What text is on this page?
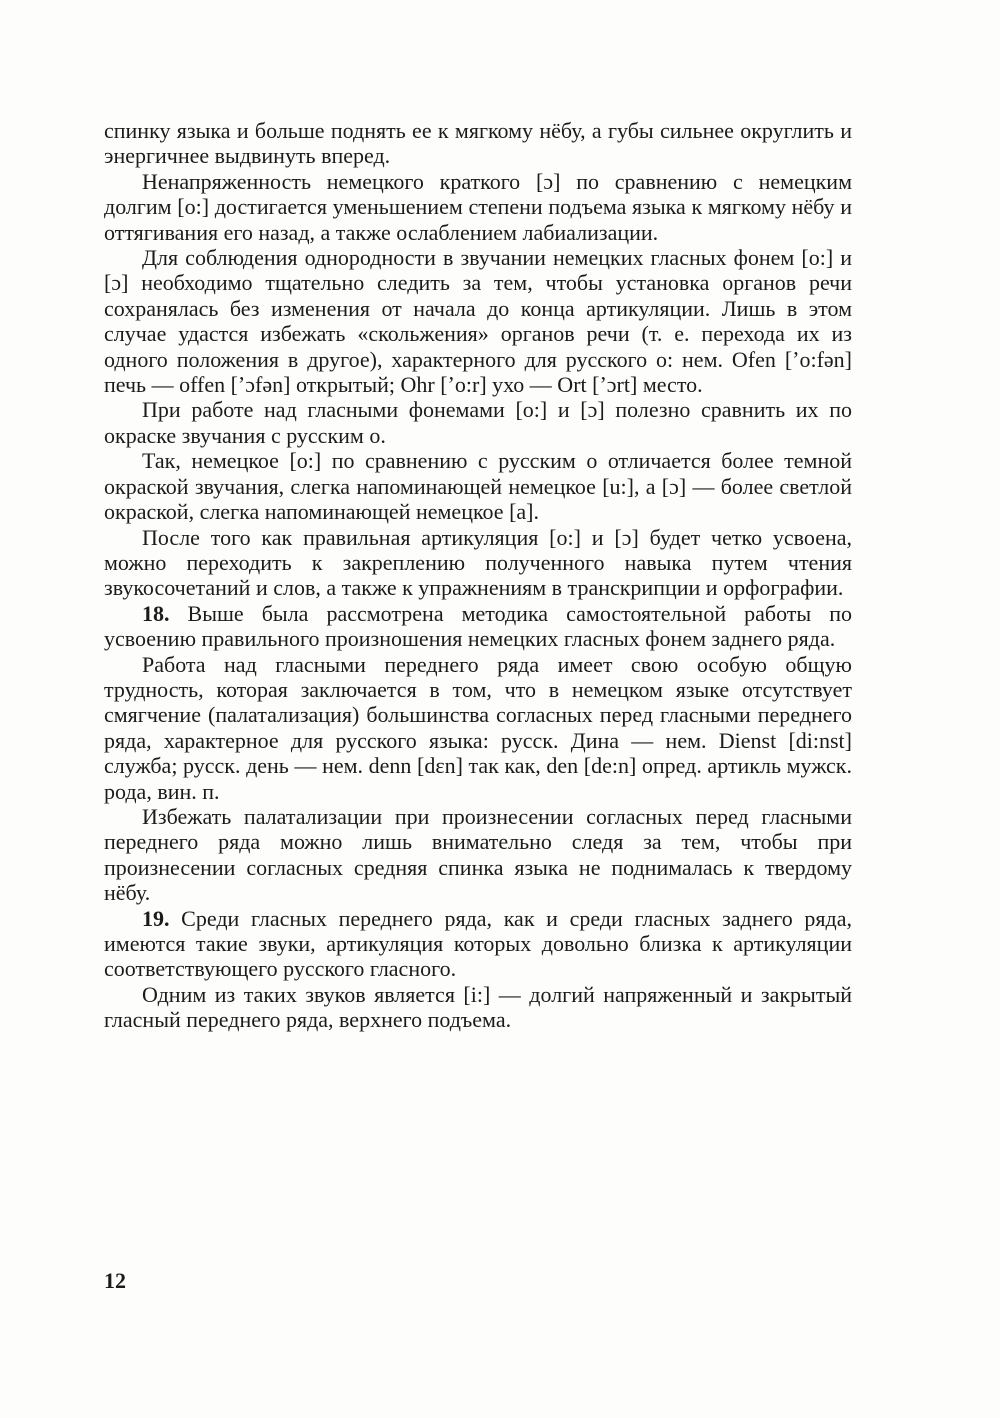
спинку языка и больше поднять ее к мягкому нёбу, а губы сильнее округлить и энергичнее выдвинуть вперед.

Ненапряженность немецкого краткого [ɔ] по сравнению с немецким долгим [o:] достигается уменьшением степени подъема языка к мягкому нёбу и оттягивания его назад, а также ослаблением лабиализации.

Для соблюдения однородности в звучании немецких гласных фонем [o:] и [ɔ] необходимо тщательно следить за тем, чтобы установка органов речи сохранялась без изменения от начала до конца артикуляции. Лишь в этом случае удастся избежать «скольжения» органов речи (т. е. перехода их из одного положения в другое), характерного для русского о: нем. Ofen [ʼo:fən] печь — offen [ʼɔfən] открытый; Ohr [ʼo:r] ухо — Ort [ʼɔrt] место.

При работе над гласными фонемами [o:] и [ɔ] полезно сравнить их по окраске звучания с русским о.

Так, немецкое [o:] по сравнению с русским о отличается более темной окраской звучания, слегка напоминающей немецкое [u:], а [ɔ] — более светлой окраской, слегка напоминающей немецкое [a].

После того как правильная артикуляция [o:] и [ɔ] будет четко усвоена, можно переходить к закреплению полученного навыка путем чтения звукосочетаний и слов, а также к упражнениям в транскрипции и орфографии.

18. Выше была рассмотрена методика самостоятельной работы по усвоению правильного произношения немецких гласных фонем заднего ряда.

Работа над гласными переднего ряда имеет свою особую общую трудность, которая заключается в том, что в немецком языке отсутствует смягчение (палатализация) большинства согласных перед гласными переднего ряда, характерное для русского языка: русск. Дина — нем. Dienst [di:nst] служба; русск. день — нем. denn [dɛn] так как, den [de:n] опред. артикль мужск. рода, вин. п.

Избежать палатализации при произнесении согласных перед гласными переднего ряда можно лишь внимательно следя за тем, чтобы при произнесении согласных средняя спинка языка не поднималась к твердому нёбу.

19. Среди гласных переднего ряда, как и среди гласных заднего ряда, имеются такие звуки, артикуляция которых довольно близка к артикуляции соответствующего русского гласного.

Одним из таких звуков является [i:] — долгий напряженный и закрытый гласный переднего ряда, верхнего подъема.

12
